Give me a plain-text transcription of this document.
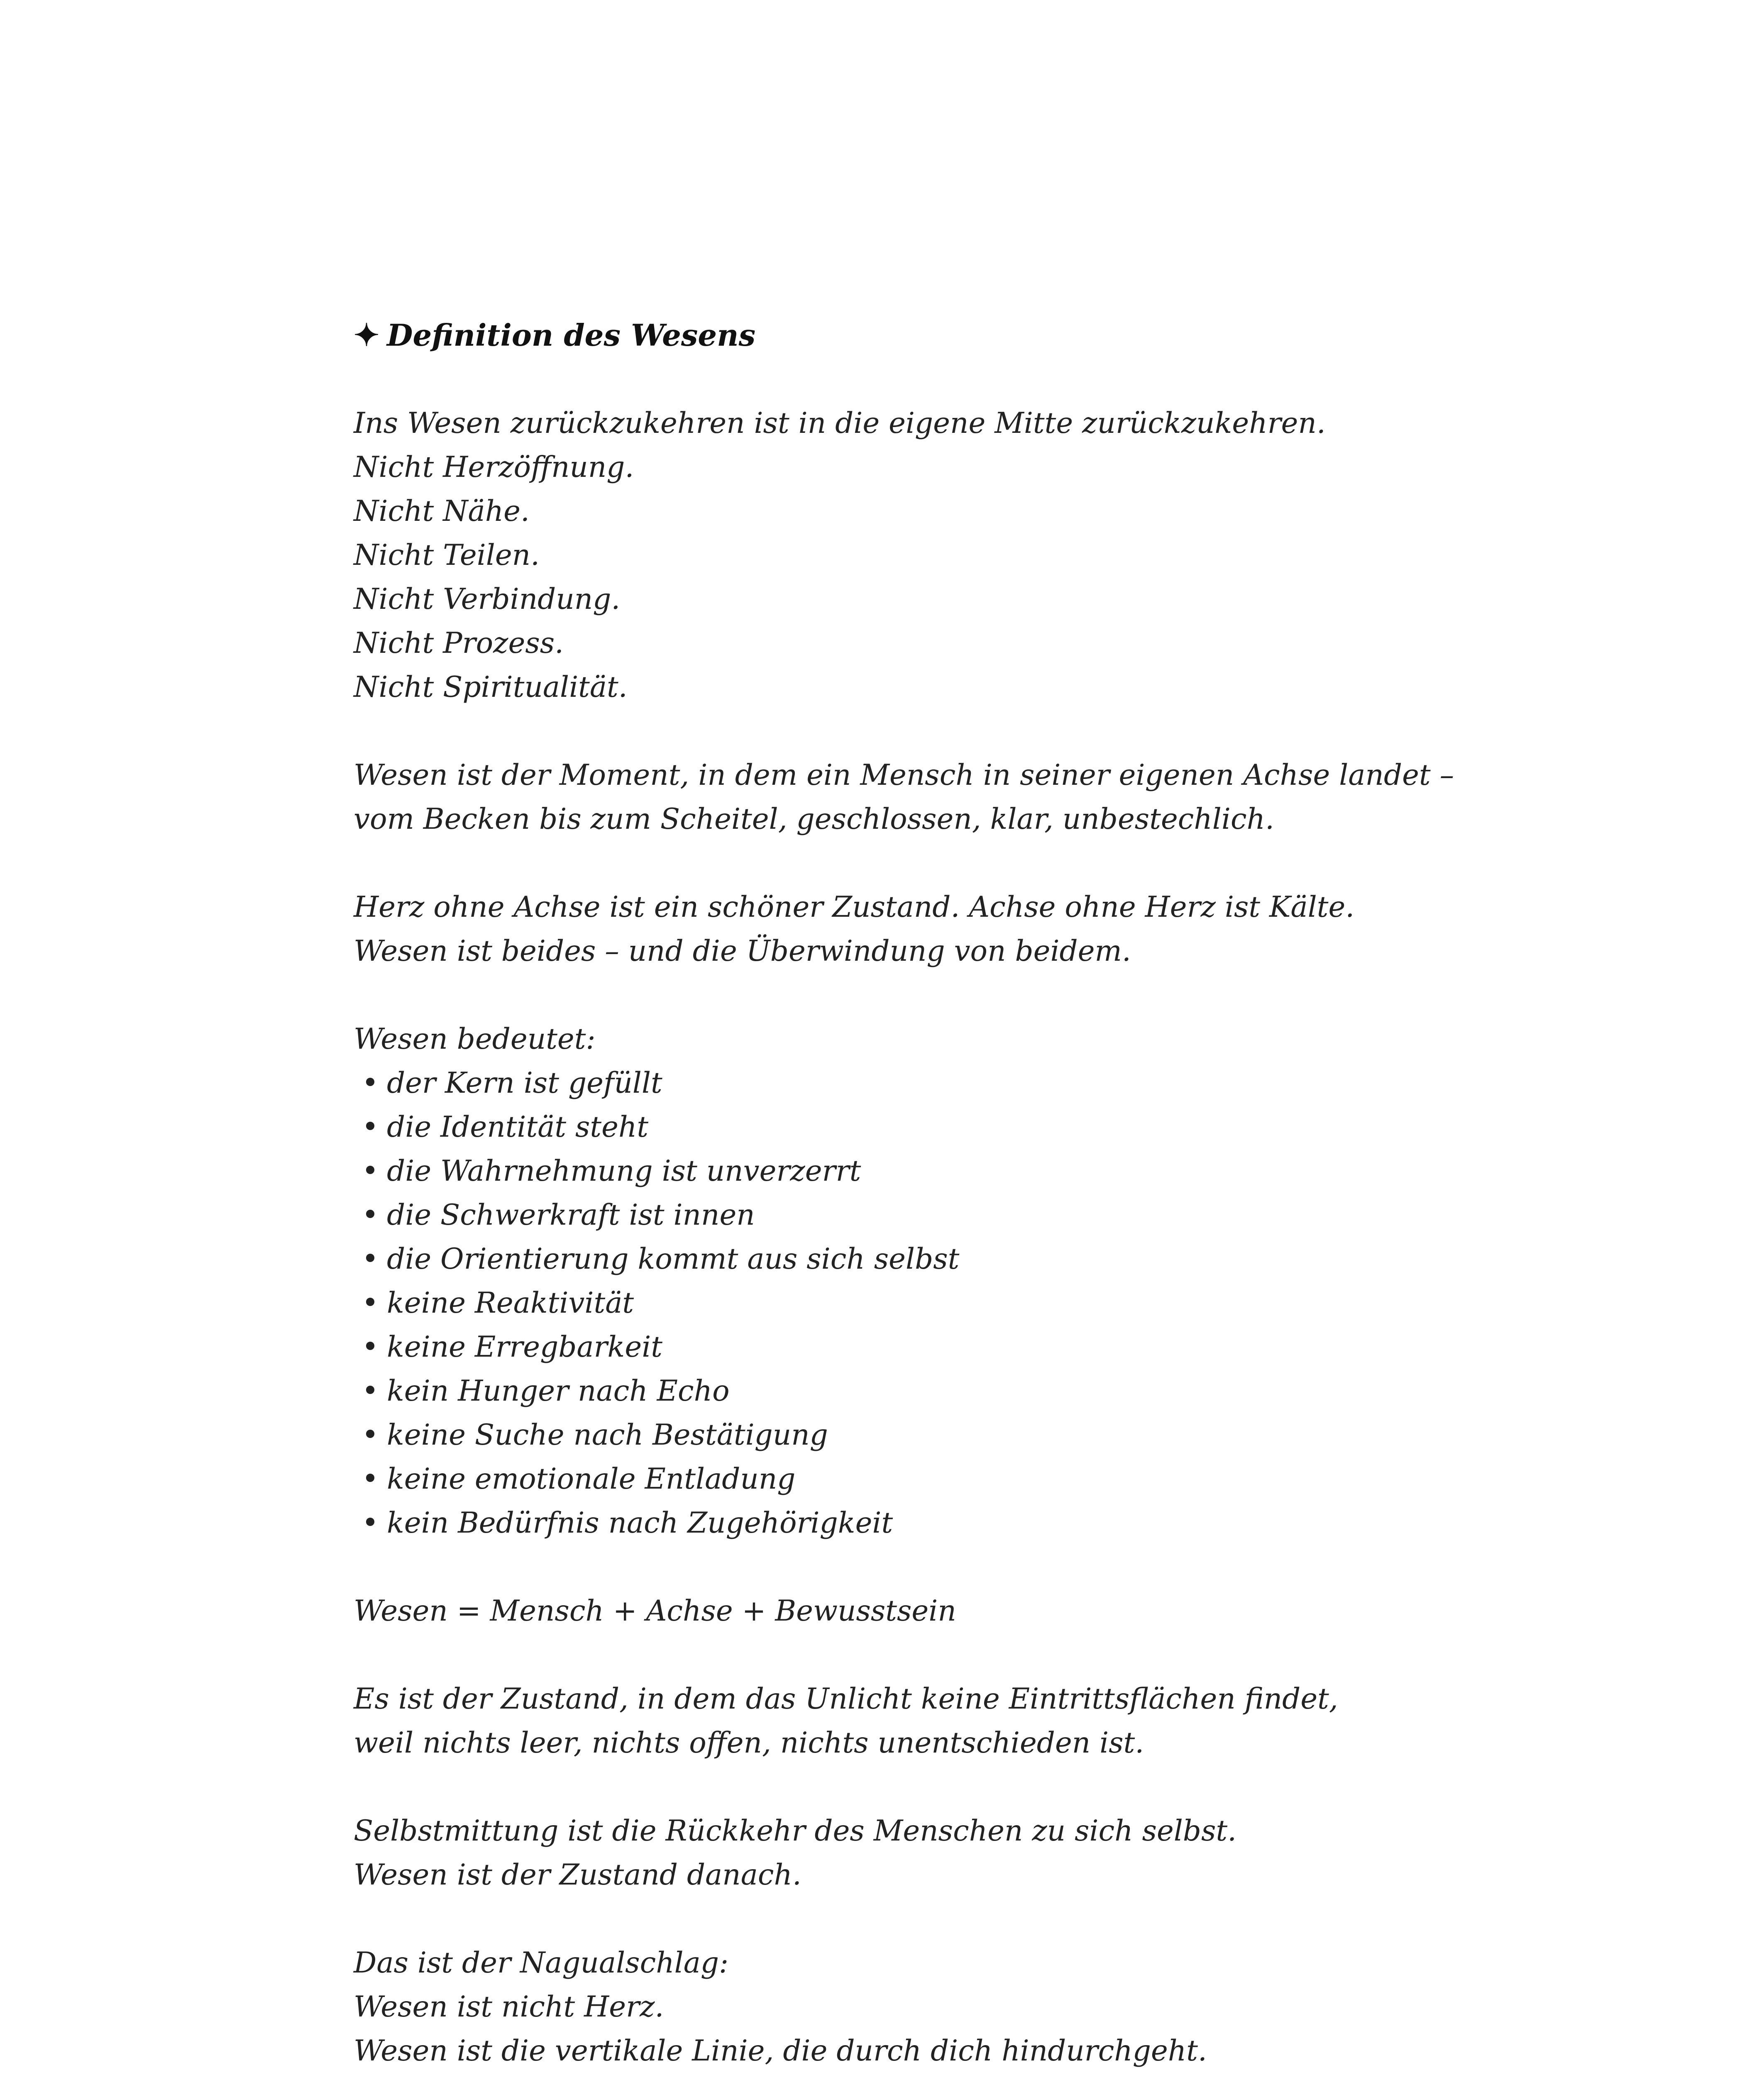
✦ Definition des Wesens

Ins Wesen zurückzukehren ist in die eigene Mitte zurückzukehren.
Nicht Herzöffnung.
Nicht Nähe.
Nicht Teilen.
Nicht Verbindung.
Nicht Prozess.
Nicht Spiritualität.

Wesen ist der Moment, in dem ein Mensch in seiner eigenen Achse landet –
vom Becken bis zum Scheitel, geschlossen, klar, unbestechlich.

Herz ohne Achse ist ein schöner Zustand. Achse ohne Herz ist Kälte.
Wesen ist beides – und die Überwindung von beidem.

Wesen bedeutet:
• der Kern ist gefüllt
• die Identität steht
• die Wahrnehmung ist unverzerrt
• die Schwerkraft ist innen
• die Orientierung kommt aus sich selbst
• keine Reaktivität
• keine Erregbarkeit
• kein Hunger nach Echo
• keine Suche nach Bestätigung
• keine emotionale Entladung
• kein Bedürfnis nach Zugehörigkeit

Wesen = Mensch + Achse + Bewusstsein

Es ist der Zustand, in dem das Unlicht keine Eintrittsflächen findet,
weil nichts leer, nichts offen, nichts unentschieden ist.

Selbstmittung ist die Rückkehr des Menschen zu sich selbst.
Wesen ist der Zustand danach.

Das ist der Nagualschlag:
Wesen ist nicht Herz.
Wesen ist die vertikale Linie, die durch dich hindurchgeht.
